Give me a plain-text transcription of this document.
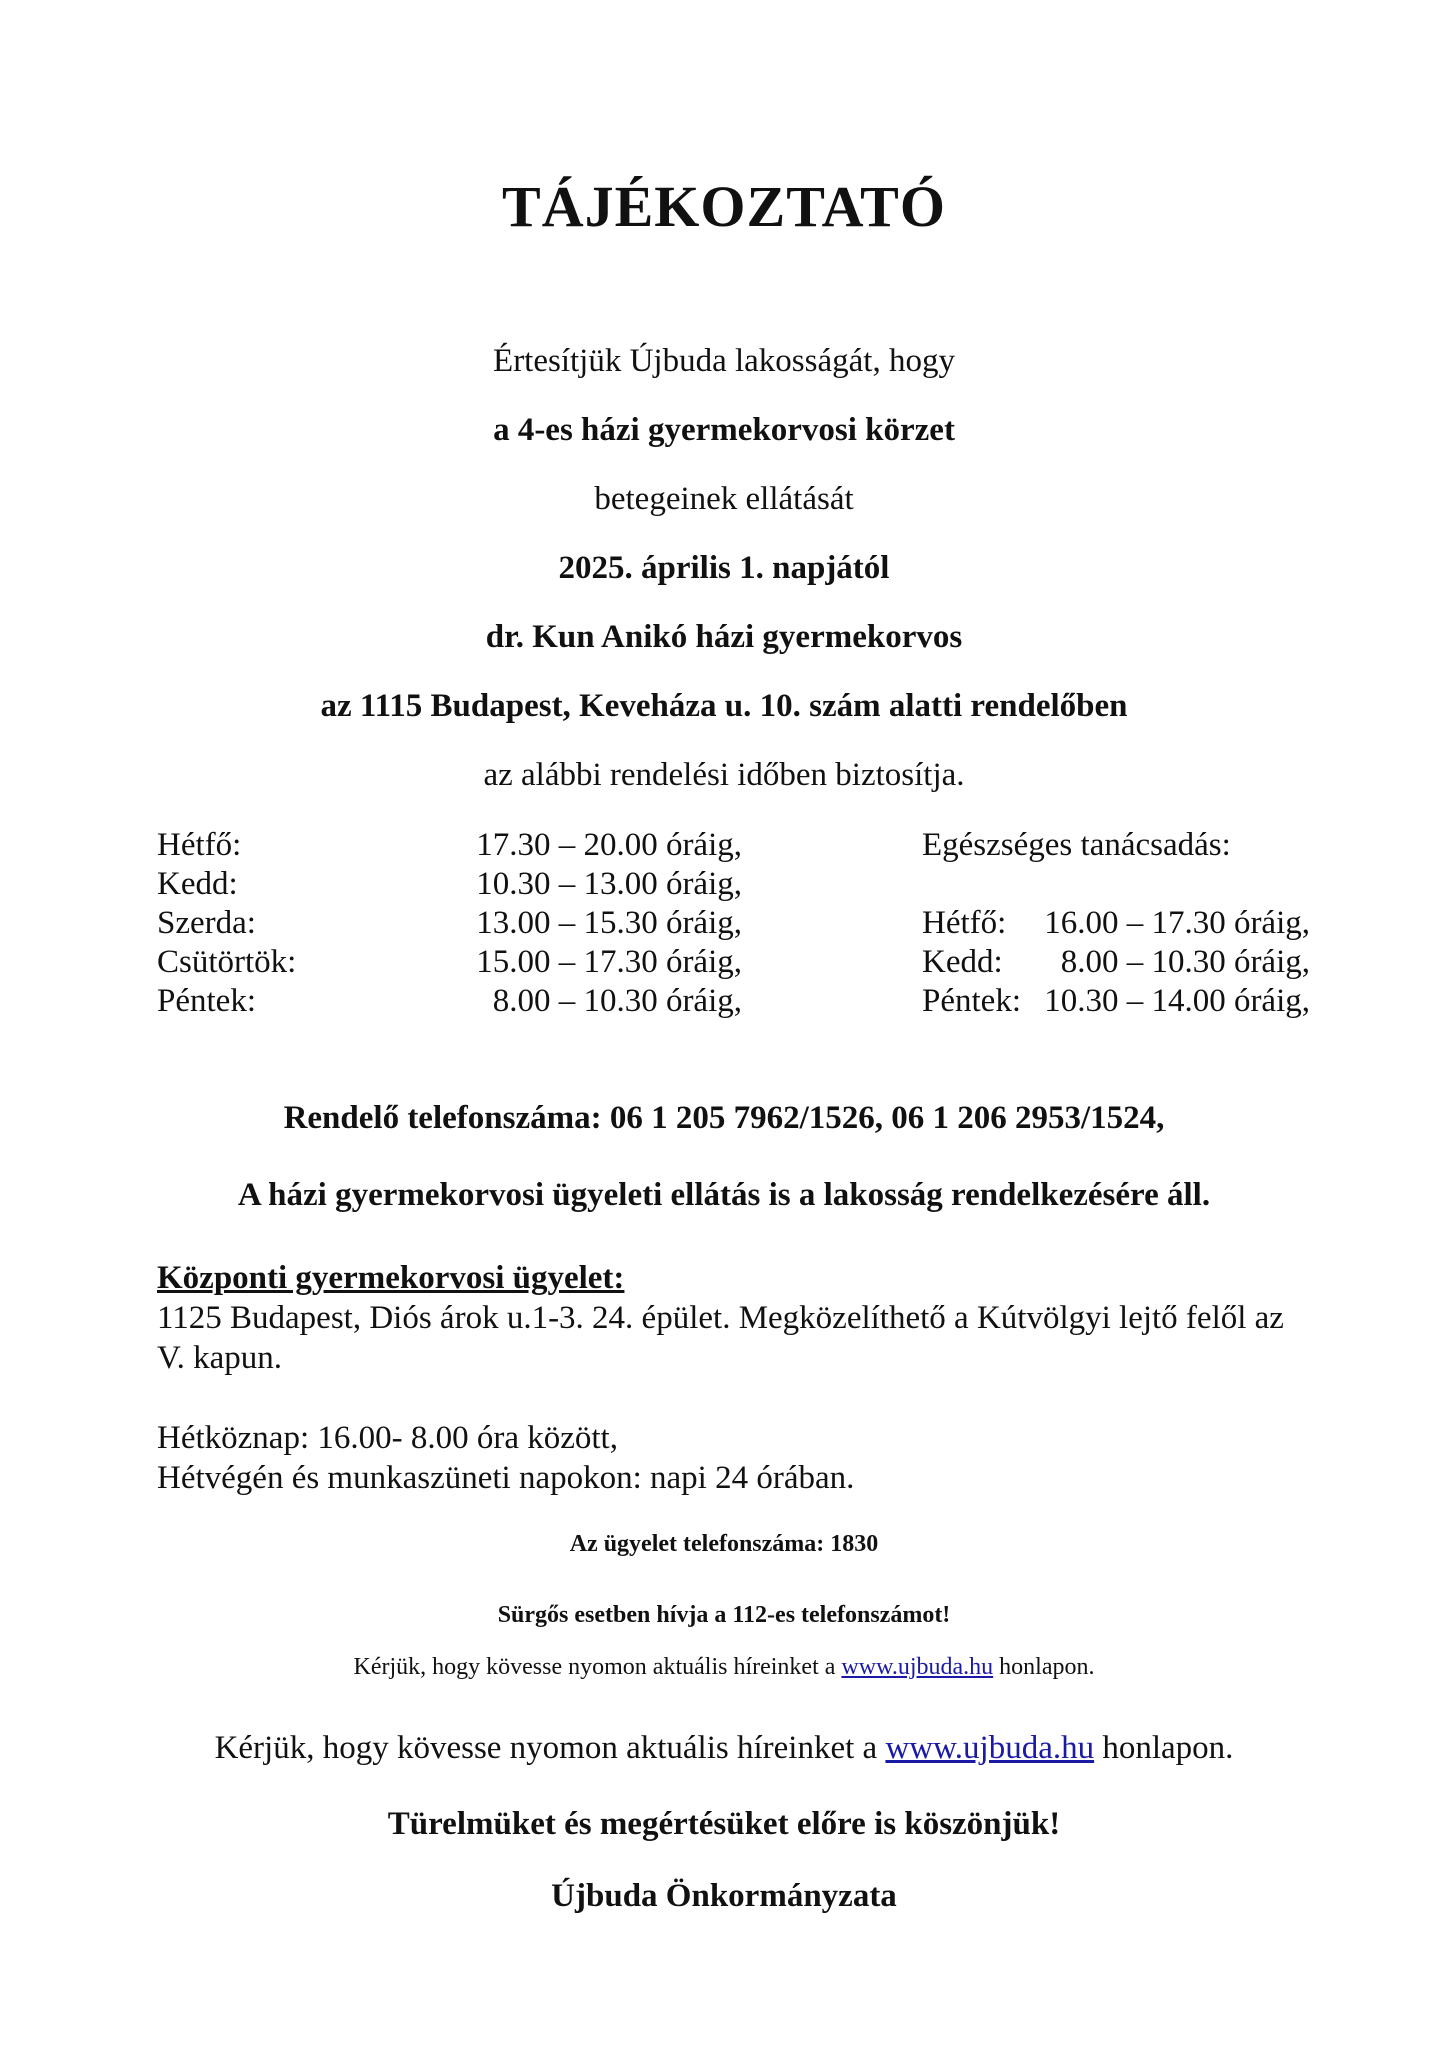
TÁJÉKOZTATÓ
Értesítjük Újbuda lakosságát, hogy
a 4-es házi gyermekorvosi körzet
betegeinek ellátását
2025. április 1. napjától
dr. Kun Anikó házi gyermekorvos
az 1115 Budapest, Keveháza u. 10. szám alatti rendelőben
az alábbi rendelési időben biztosítja.
Hétfő:	17.30 – 20.00 óráig,
Kedd:	10.30 – 13.00 óráig,
Szerda:	13.00 – 15.30 óráig,
Csütörtök:	15.00 – 17.30 óráig,
Péntek:	8.00 – 10.30 óráig,
Egészséges tanácsadás:
Hétfő:	16.00 – 17.30 óráig,
Kedd:	8.00 – 10.30 óráig,
Péntek: 10.30 – 14.00 óráig,
Rendelő telefonszáma: 06 1 205 7962/1526, 06 1 206 2953/1524,
A házi gyermekorvosi ügyeleti ellátás is a lakosság rendelkezésére áll.
Központi gyermekorvosi ügyelet:
1125 Budapest, Diós árok u.1-3. 24. épület. Megközelíthető a Kútvölgyi lejtő felől az
V. kapun.
Hétköznap: 16.00- 8.00 óra között,
Hétvégén és munkaszüneti napokon: napi 24 órában.
Az ügyelet telefonszáma: 1830
Sürgős esetben hívja a 112-es telefonszámot!
Kérjük, hogy kövesse nyomon aktuális híreinket a www.ujbuda.hu honlapon.
Kérjük, hogy kövesse nyomon aktuális híreinket a www.ujbuda.hu honlapon.
Türelmüket és megértésüket előre is köszönjük!
Újbuda Önkormányzata
